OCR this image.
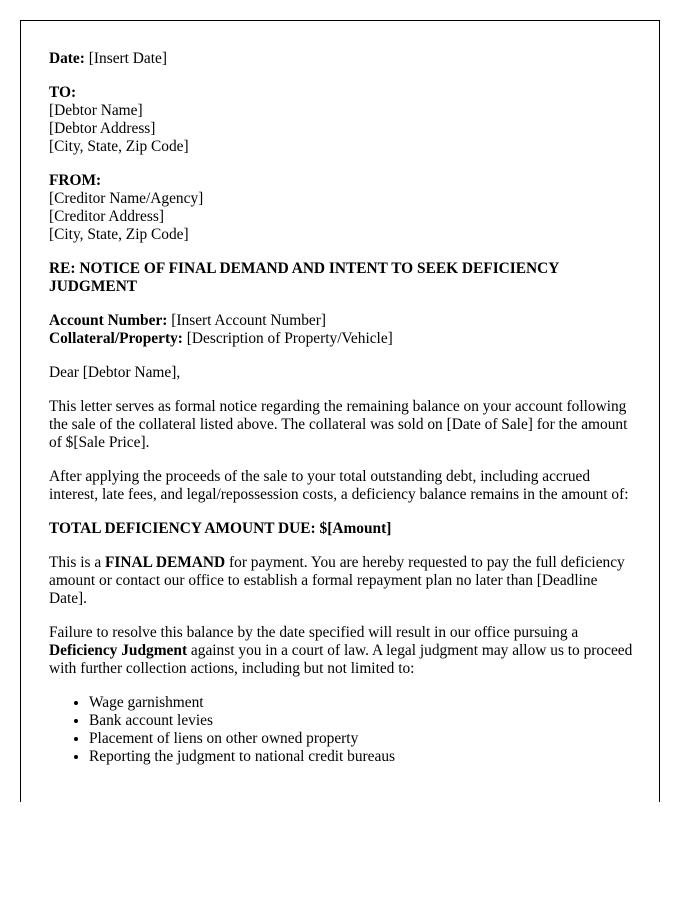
Date: [Insert Date]

TO:

[Debtor Name]

[Debtor Address]

[City, State, Zip Code]

FROM:

[Creditor Name/Agency]

[Creditor Address]

[City, State, Zip Code]

RE: NOTICE OF FINAL DEMAND AND INTENT TO SEEK DEFICIENCY JUDGMENT

Account Number: [Insert Account Number]

Collateral/Property: [Description of Property/Vehicle]

Dear [Debtor Name],

This letter serves as formal notice regarding the remaining balance on your account following the sale of the collateral listed above. The collateral was sold on [Date of Sale] for the amount of $[Sale Price].

After applying the proceeds of the sale to your total outstanding debt, including accrued interest, late fees, and legal/repossession costs, a deficiency balance remains in the amount of:

TOTAL DEFICIENCY AMOUNT DUE: $[Amount]

This is a FINAL DEMAND for payment. You are hereby requested to pay the full deficiency amount or contact our office to establish a formal repayment plan no later than [Deadline Date].

Failure to resolve this balance by the date specified will result in our office pursuing a Deficiency Judgment against you in a court of law. A legal judgment may allow us to proceed with further collection actions, including but not limited to:

• Wage garnishment
• Bank account levies
• Placement of liens on other owned property
• Reporting the judgment to national credit bureaus
